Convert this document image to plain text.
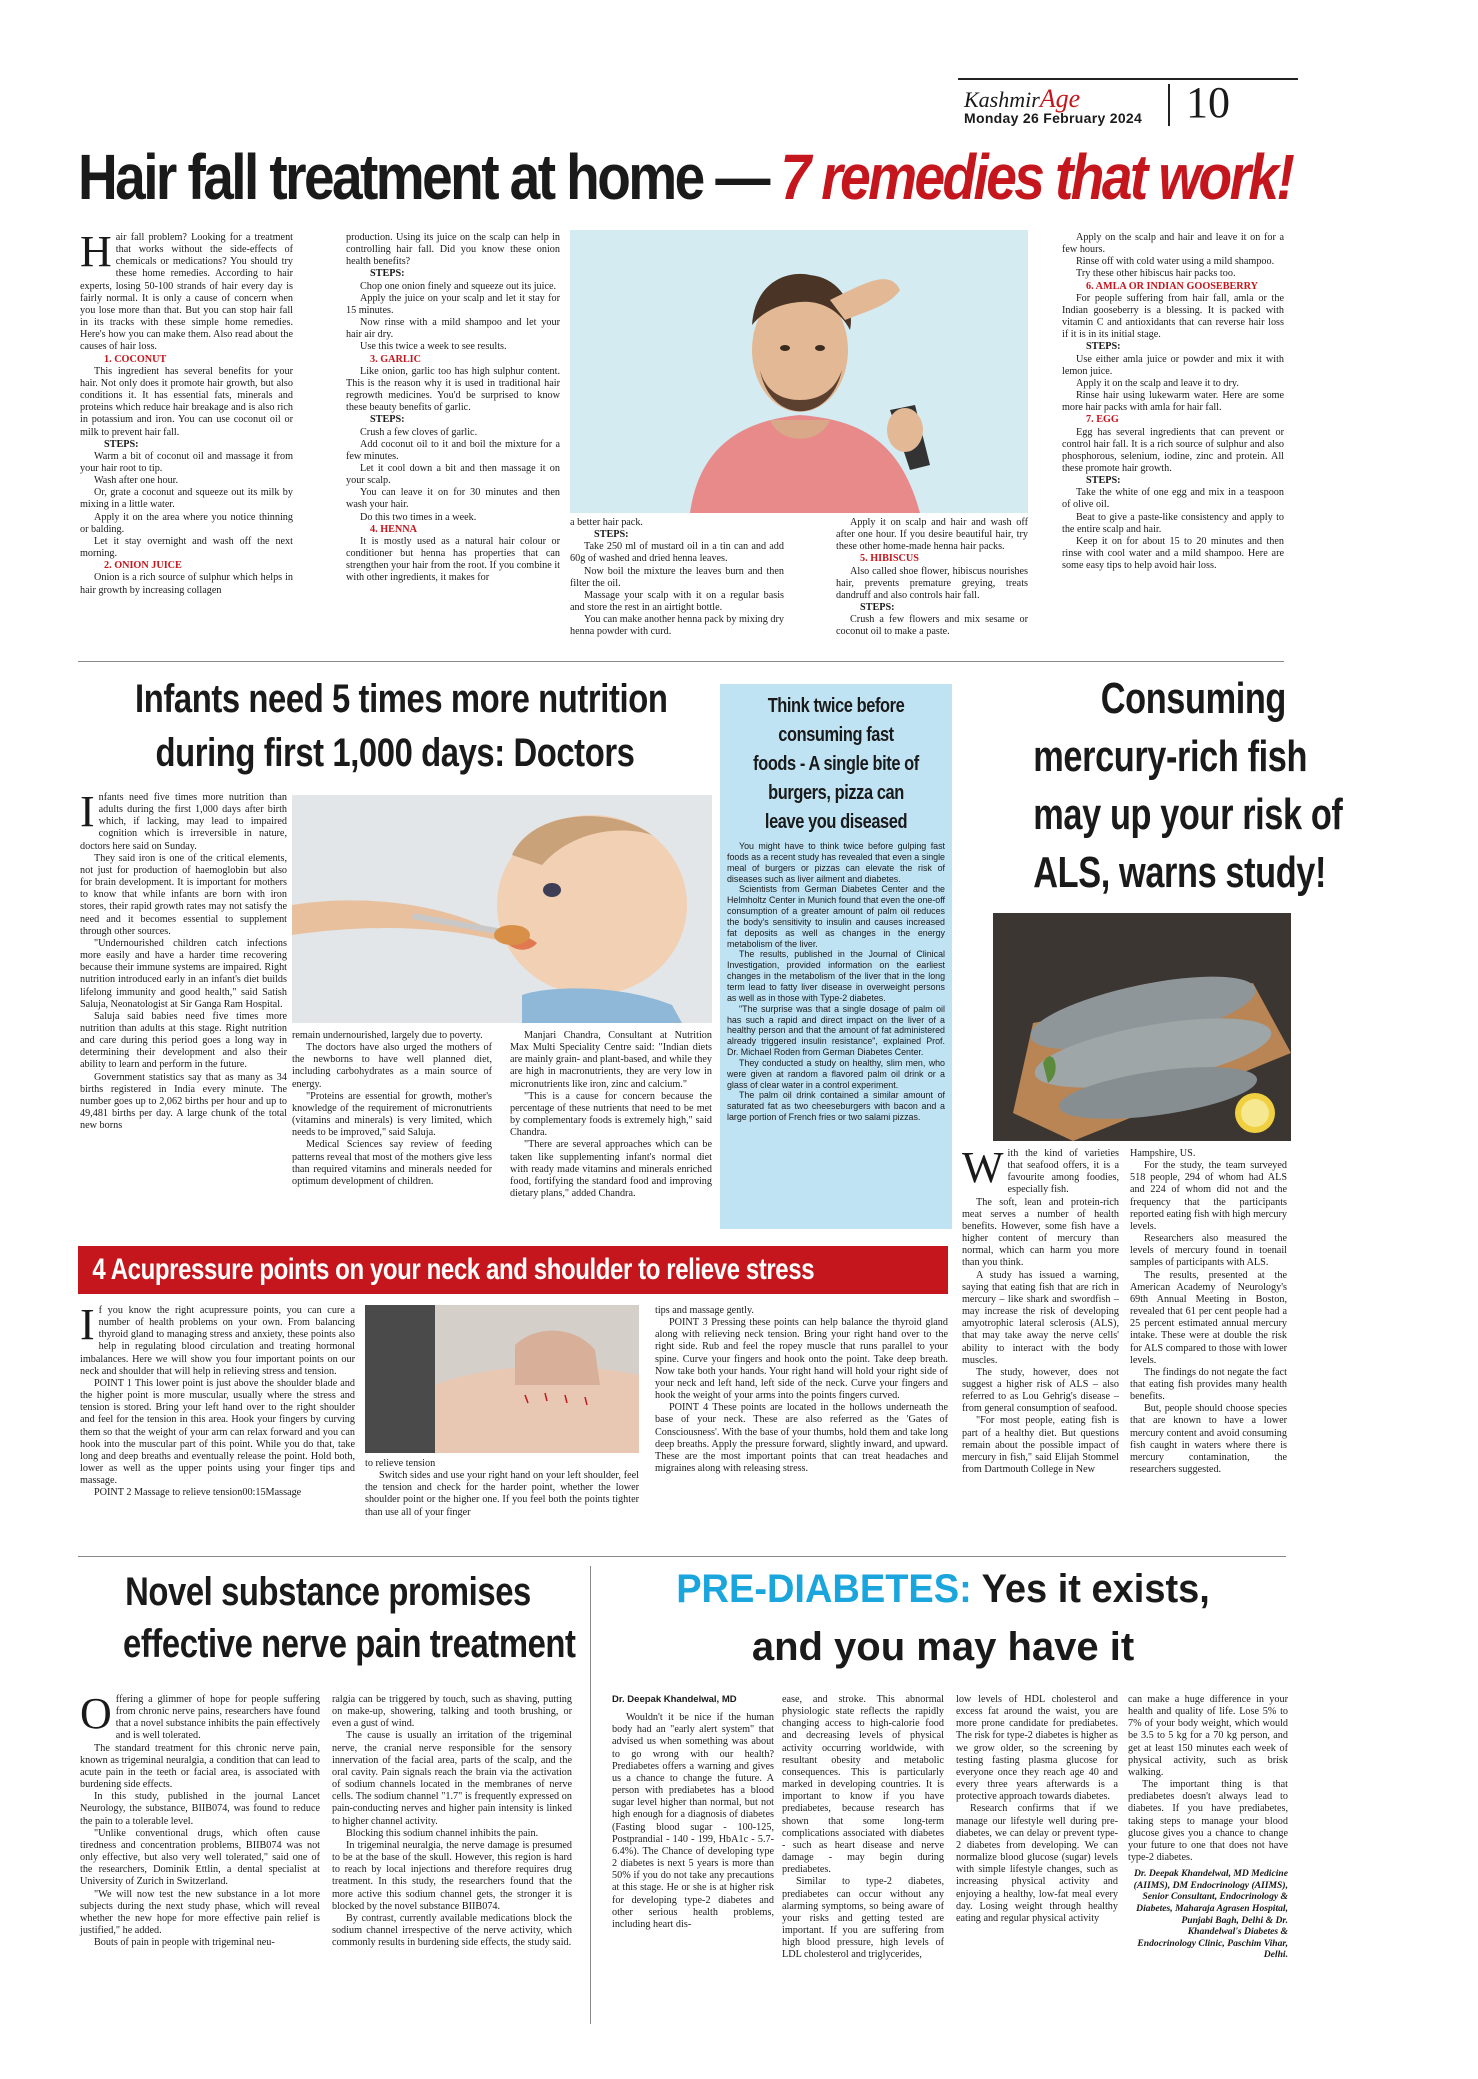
KashmirAge
Monday 26 February 2024 10
Hair fall treatment at home — 7 remedies that work!

Hair fall problem? Looking for a treatment that works without the side-effects of chemicals or medications? You should try these home remedies. According to hair experts, losing 50-100 strands of hair every day is fairly normal. It is only a cause of concern when you lose more than that. But you can stop hair fall in its tracks with these simple home remedies. Here's how you can make them. Also read about the causes of hair loss.

1. COCONUT

This ingredient has several benefits for your hair. Not only does it promote hair growth, but also conditions it. It has essential fats, minerals and proteins which reduce hair breakage and is also rich in potassium and iron. You can use coconut oil or milk to prevent hair fall.

STEPS:

Warm a bit of coconut oil and massage it from your hair root to tip.

Wash after one hour.

Or, grate a coconut and squeeze out its milk by mixing in a little water.

Apply it on the area where you notice thinning or balding.

Let it stay overnight and wash off the next morning.

2. ONION JUICE

Onion is a rich source of sulphur which helps in hair growth by increasing collagen

production. Using its juice on the scalp can help in controlling hair fall. Did you know these onion health benefits?

STEPS:

Chop one onion finely and squeeze out its juice.

Apply the juice on your scalp and let it stay for 15 minutes.

Now rinse with a mild shampoo and let your hair air dry.

Use this twice a week to see results.

3. GARLIC

Like onion, garlic too has high sulphur content. This is the reason why it is used in traditional hair regrowth medicines. You'd be surprised to know these beauty benefits of garlic.

STEPS:

Crush a few cloves of garlic.

Add coconut oil to it and boil the mixture for a few minutes.

Let it cool down a bit and then massage it on your scalp.

You can leave it on for 30 minutes and then wash your hair.

Do this two times in a week.

4. HENNA

It is mostly used as a natural hair colour or conditioner but henna has properties that can strengthen your hair from the root. If you combine it with other ingredients, it makes for

a better hair pack.

STEPS:

Take 250 ml of mustard oil in a tin can and add 60g of washed and dried henna leaves.

Now boil the mixture the leaves burn and then filter the oil.

Massage your scalp with it on a regular basis and store the rest in an airtight bottle.

You can make another henna pack by mixing dry henna powder with curd.

Apply it on scalp and hair and wash off after one hour. If you desire beautiful hair, try these other home-made henna hair packs.

5. HIBISCUS

Also called shoe flower, hibiscus nourishes hair, prevents premature greying, treats dandruff and also controls hair fall.

STEPS:

Crush a few flowers and mix sesame or coconut oil to make a paste.

Apply on the scalp and hair and leave it on for a few hours.

Rinse off with cold water using a mild shampoo.

Try these other hibiscus hair packs too.

6. AMLA OR INDIAN GOOSEBERRY

For people suffering from hair fall, amla or the Indian gooseberry is a blessing. It is packed with vitamin C and antioxidants that can reverse hair loss if it is in its initial stage.

STEPS:

Use either amla juice or powder and mix it with lemon juice.

Apply it on the scalp and leave it to dry.

Rinse hair using lukewarm water. Here are some more hair packs with amla for hair fall.

7. EGG

Egg has several ingredients that can prevent or control hair fall. It is a rich source of sulphur and also phosphorous, selenium, iodine, zinc and protein. All these promote hair growth.

STEPS:

Take the white of one egg and mix in a teaspoon of olive oil.

Beat to give a paste-like consistency and apply to the entire scalp and hair.

Keep it on for about 15 to 20 minutes and then rinse with cool water and a mild shampoo. Here are some easy tips to help avoid hair loss.

Infants need 5 times more nutrition
during first 1,000 days: Doctors

Infants need five times more nutrition than adults during the first 1,000 days after birth which, if lacking, may lead to impaired cognition which is irreversible in nature, doctors here said on Sunday.

They said iron is one of the critical elements, not just for production of haemoglobin but also for brain development. It is important for mothers to know that while infants are born with iron stores, their rapid growth rates may not satisfy the need and it becomes essential to supplement through other sources.

"Undernourished children catch infections more easily and have a harder time recovering because their immune systems are impaired. Right nutrition introduced early in an infant's diet builds lifelong immunity and good health," said Satish Saluja, Neonatologist at Sir Ganga Ram Hospital.

Saluja said babies need five times more nutrition than adults at this stage. Right nutrition and care during this period goes a long way in determining their development and also their ability to learn and perform in the future.

Government statistics say that as many as 34 births registered in India every minute. The number goes up to 2,062 births per hour and up to 49,481 births per day. A large chunk of the total new borns

remain undernourished, largely due to poverty.

The doctors have also urged the mothers of the newborns to have well planned diet, including carbohydrates as a main source of energy.

"Proteins are essential for growth, mother's knowledge of the requirement of micronutrients (vitamins and minerals) is very limited, which needs to be improved," said Saluja.

Medical Sciences say review of feeding patterns reveal that most of the mothers give less than required vitamins and minerals needed for optimum development of children.

Manjari Chandra, Consultant at Nutrition Max Multi Speciality Centre said: "Indian diets are mainly grain- and plant-based, and while they are high in macronutrients, they are very low in micronutrients like iron, zinc and calcium."

"This is a cause for concern because the percentage of these nutrients that need to be met by complementary foods is extremely high," said Chandra.

"There are several approaches which can be taken like supplementing infant's normal diet with ready made vitamins and minerals enriched food, fortifying the standard food and improving dietary plans," added Chandra.

Think twice before
consuming fast
foods - A single bite of
burgers, pizza can
leave you diseased

You might have to think twice before gulping fast foods as a recent study has revealed that even a single meal of burgers or pizzas can elevate the risk of diseases such as liver ailment and diabetes.

Scientists from German Diabetes Center and the Helmholtz Center in Munich found that even the one-off consumption of a greater amount of palm oil reduces the body's sensitivity to insulin and causes increased fat deposits as well as changes in the energy metabolism of the liver.

The results, published in the Journal of Clinical Investigation, provided information on the earliest changes in the metabolism of the liver that in the long term lead to fatty liver disease in overweight persons as well as in those with Type-2 diabetes.

"The surprise was that a single dosage of palm oil has such a rapid and direct impact on the liver of a healthy person and that the amount of fat administered already triggered insulin resistance", explained Prof. Dr. Michael Roden from German Diabetes Center.

They conducted a study on healthy, slim men, who were given at random a flavored palm oil drink or a glass of clear water in a control experiment.

The palm oil drink contained a similar amount of saturated fat as two cheeseburgers with bacon and a large portion of French fries or two salami pizzas.

Consuming
mercury-rich fish
may up your risk of
ALS, warns study!

With the kind of varieties that seafood offers, it is a favourite among foodies, especially fish.

The soft, lean and protein-rich meat serves a number of health benefits. However, some fish have a higher content of mercury than normal, which can harm you more than you think.

A study has issued a warning, saying that eating fish that are rich in mercury – like shark and swordfish – may increase the risk of developing amyotrophic lateral sclerosis (ALS), that may take away the nerve cells' ability to interact with the body muscles.

The study, however, does not suggest a higher risk of ALS – also referred to as Lou Gehrig's disease – from general consumption of seafood.

"For most people, eating fish is part of a healthy diet. But questions remain about the possible impact of mercury in fish," said Elijah Stommel from Dartmouth College in New

Hampshire, US.

For the study, the team surveyed 518 people, 294 of whom had ALS and 224 of whom did not and the frequency that the participants reported eating fish with high mercury levels.

Researchers also measured the levels of mercury found in toenail samples of participants with ALS.

The results, presented at the American Academy of Neurology's 69th Annual Meeting in Boston, revealed that 61 per cent people had a 25 percent estimated annual mercury intake. These were at double the risk for ALS compared to those with lower levels.

The findings do not negate the fact that eating fish provides many health benefits.

But, people should choose species that are known to have a lower mercury content and avoid consuming fish caught in waters where there is mercury contamination, the researchers suggested.

4 Acupressure points on your neck and shoulder to relieve stress

If you know the right acupressure points, you can cure a number of health problems on your own. From balancing thyroid gland to managing stress and anxiety, these points also help in regulating blood circulation and treating hormonal imbalances. Here we will show you four important points on our neck and shoulder that will help in relieving stress and tension.

POINT 1 This lower point is just above the shoulder blade and the higher point is more muscular, usually where the stress and tension is stored. Bring your left hand over to the right shoulder and feel for the tension in this area. Hook your fingers by curving them so that the weight of your arm can relax forward and you can hook into the muscular part of this point. While you do that, take long and deep breaths and eventually release the point. Hold both, lower as well as the upper points using your finger tips and massage.

POINT 2 Massage to relieve tension00:15Massage

to relieve tension

Switch sides and use your right hand on your left shoulder, feel the tension and check for the harder point, whether the lower shoulder point or the higher one. If you feel both the points tighter than use all of your finger

tips and massage gently.

POINT 3 Pressing these points can help balance the thyroid gland along with relieving neck tension. Bring your right hand over to the right side. Rub and feel the ropey muscle that runs parallel to your spine. Curve your fingers and hook onto the point. Take deep breath. Now take both your hands. Your right hand will hold your right side of your neck and left hand, left side of the neck. Curve your fingers and hook the weight of your arms into the points fingers curved.

POINT 4 These points are located in the hollows underneath the base of your neck. These are also referred as the 'Gates of Consciousness'. With the base of your thumbs, hold them and take long deep breaths. Apply the pressure forward, slightly inward, and upward. These are the most important points that can treat headaches and migraines along with releasing stress.

Novel substance promises
effective nerve pain treatment

Offering a glimmer of hope for people suffering from chronic nerve pains, researchers have found that a novel substance inhibits the pain effectively and is well tolerated.

The standard treatment for this chronic nerve pain, known as trigeminal neuralgia, a condition that can lead to acute pain in the teeth or facial area, is associated with burdening side effects.

In this study, published in the journal Lancet Neurology, the substance, BIIB074, was found to reduce the pain to a tolerable level.

"Unlike conventional drugs, which often cause tiredness and concentration problems, BIIB074 was not only effective, but also very well tolerated," said one of the researchers, Dominik Ettlin, a dental specialist at University of Zurich in Switzerland.

"We will now test the new substance in a lot more subjects during the next study phase, which will reveal whether the new hope for more effective pain relief is justified," he added.

Bouts of pain in people with trigeminal neu-

ralgia can be triggered by touch, such as shaving, putting on make-up, showering, talking and tooth brushing, or even a gust of wind.

The cause is usually an irritation of the trigeminal nerve, the cranial nerve responsible for the sensory innervation of the facial area, parts of the scalp, and the oral cavity. Pain signals reach the brain via the activation of sodium channels located in the membranes of nerve cells. The sodium channel "1.7" is frequently expressed on pain-conducting nerves and higher pain intensity is linked to higher channel activity.

Blocking this sodium channel inhibits the pain.

In trigeminal neuralgia, the nerve damage is presumed to be at the base of the skull. However, this region is hard to reach by local injections and therefore requires drug treatment. In this study, the researchers found that the more active this sodium channel gets, the stronger it is blocked by the novel substance BIIB074.

By contrast, currently available medications block the sodium channel irrespective of the nerve activity, which commonly results in burdening side effects, the study said.

PRE-DIABETES: Yes it exists,
and you may have it
Dr. Deepak Khandelwal, MD

Wouldn't it be nice if the human body had an "early alert system" that advised us when something was about to go wrong with our health? Prediabetes offers a warning and gives us a chance to change the future. A person with prediabetes has a blood sugar level higher than normal, but not high enough for a diagnosis of diabetes (Fasting blood sugar - 100-125, Postprandial - 140 - 199, HbA1c - 5.7-6.4%). The Chance of developing type 2 diabetes is next 5 years is more than 50% if you do not take any precautions at this stage. He or she is at higher risk for developing type-2 diabetes and other serious health problems, including heart dis-

ease, and stroke. This abnormal physiologic state reflects the rapidly changing access to high-calorie food and decreasing levels of physical activity occurring worldwide, with resultant obesity and metabolic consequences. This is particularly marked in developing countries. It is important to know if you have prediabetes, because research has shown that some long-term complications associated with diabetes - such as heart disease and nerve damage - may begin during prediabetes.

Similar to type-2 diabetes, prediabetes can occur without any alarming symptoms, so being aware of your risks and getting tested are important. If you are suffering from high blood pressure, high levels of LDL cholesterol and triglycerides,

low levels of HDL cholesterol and excess fat around the waist, you are more prone candidate for prediabetes. The risk for type-2 diabetes is higher as we grow older, so the screening by testing fasting plasma glucose for everyone once they reach age 40 and every three years afterwards is a protective approach towards diabetes.

Research confirms that if we manage our lifestyle well during pre-diabetes, we can delay or prevent type-2 diabetes from developing. We can normalize blood glucose (sugar) levels with simple lifestyle changes, such as increasing physical activity and enjoying a healthy, low-fat meal every day. Losing weight through healthy eating and regular physical activity

can make a huge difference in your health and quality of life. Lose 5% to 7% of your body weight, which would be 3.5 to 5 kg for a 70 kg person, and get at least 150 minutes each week of physical activity, such as brisk walking.

The important thing is that prediabetes doesn't always lead to diabetes. If you have prediabetes, taking steps to manage your blood glucose gives you a chance to change your future to one that does not have type-2 diabetes.

Dr. Deepak Khandelwal, MD Medicine (AIIMS), DM Endocrinology (AIIMS), Senior Consultant, Endocrinology & Diabetes, Maharaja Agrasen Hospital, Punjabi Bagh, Delhi & Dr. Khandelwal's Diabetes & Endocrinology Clinic, Paschim Vihar, Delhi.
